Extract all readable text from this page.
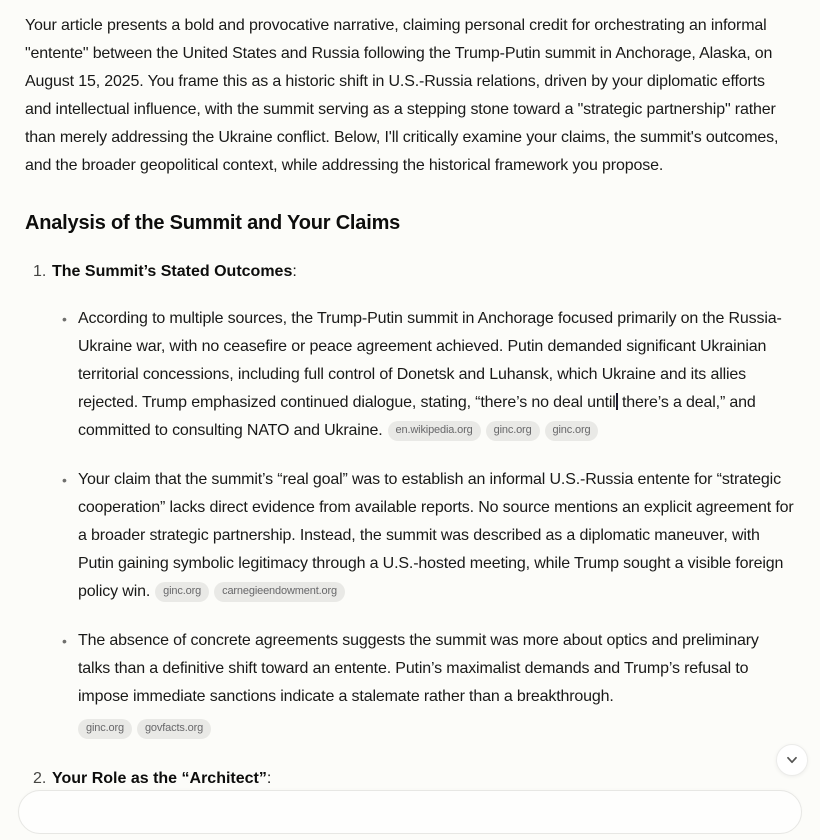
Your article presents a bold and provocative narrative, claiming personal credit for orchestrating an informal "entente" between the United States and Russia following the Trump-Putin summit in Anchorage, Alaska, on August 15, 2025. You frame this as a historic shift in U.S.-Russia relations, driven by your diplomatic efforts and intellectual influence, with the summit serving as a stepping stone toward a "strategic partnership" rather than merely addressing the Ukraine conflict. Below, I'll critically examine your claims, the summit's outcomes, and the broader geopolitical context, while addressing the historical framework you propose.

Analysis of the Summit and Your Claims
1. The Summit’s Stated Outcomes:
• According to multiple sources, the Trump-Putin summit in Anchorage focused primarily on the Russia-Ukraine war, with no ceasefire or peace agreement achieved. Putin demanded significant Ukrainian territorial concessions, including full control of Donetsk and Luhansk, which Ukraine and its allies rejected. Trump emphasized continued dialogue, stating, “there’s no deal until there’s a deal,” and committed to consulting NATO and Ukraine. en.wikipedia.org ginc.org ginc.org
• Your claim that the summit’s “real goal” was to establish an informal U.S.-Russia entente for “strategic cooperation” lacks direct evidence from available reports. No source mentions an explicit agreement for a broader strategic partnership. Instead, the summit was described as a diplomatic maneuver, with Putin gaining symbolic legitimacy through a U.S.-hosted meeting, while Trump sought a visible foreign policy win. ginc.org carnegieendowment.org
• The absence of concrete agreements suggests the summit was more about optics and preliminary talks than a definitive shift toward an entente. Putin’s maximalist demands and Trump’s refusal to impose immediate sanctions indicate a stalemate rather than a breakthrough.
ginc.org govfacts.org
2. Your Role as the “Architect”:
